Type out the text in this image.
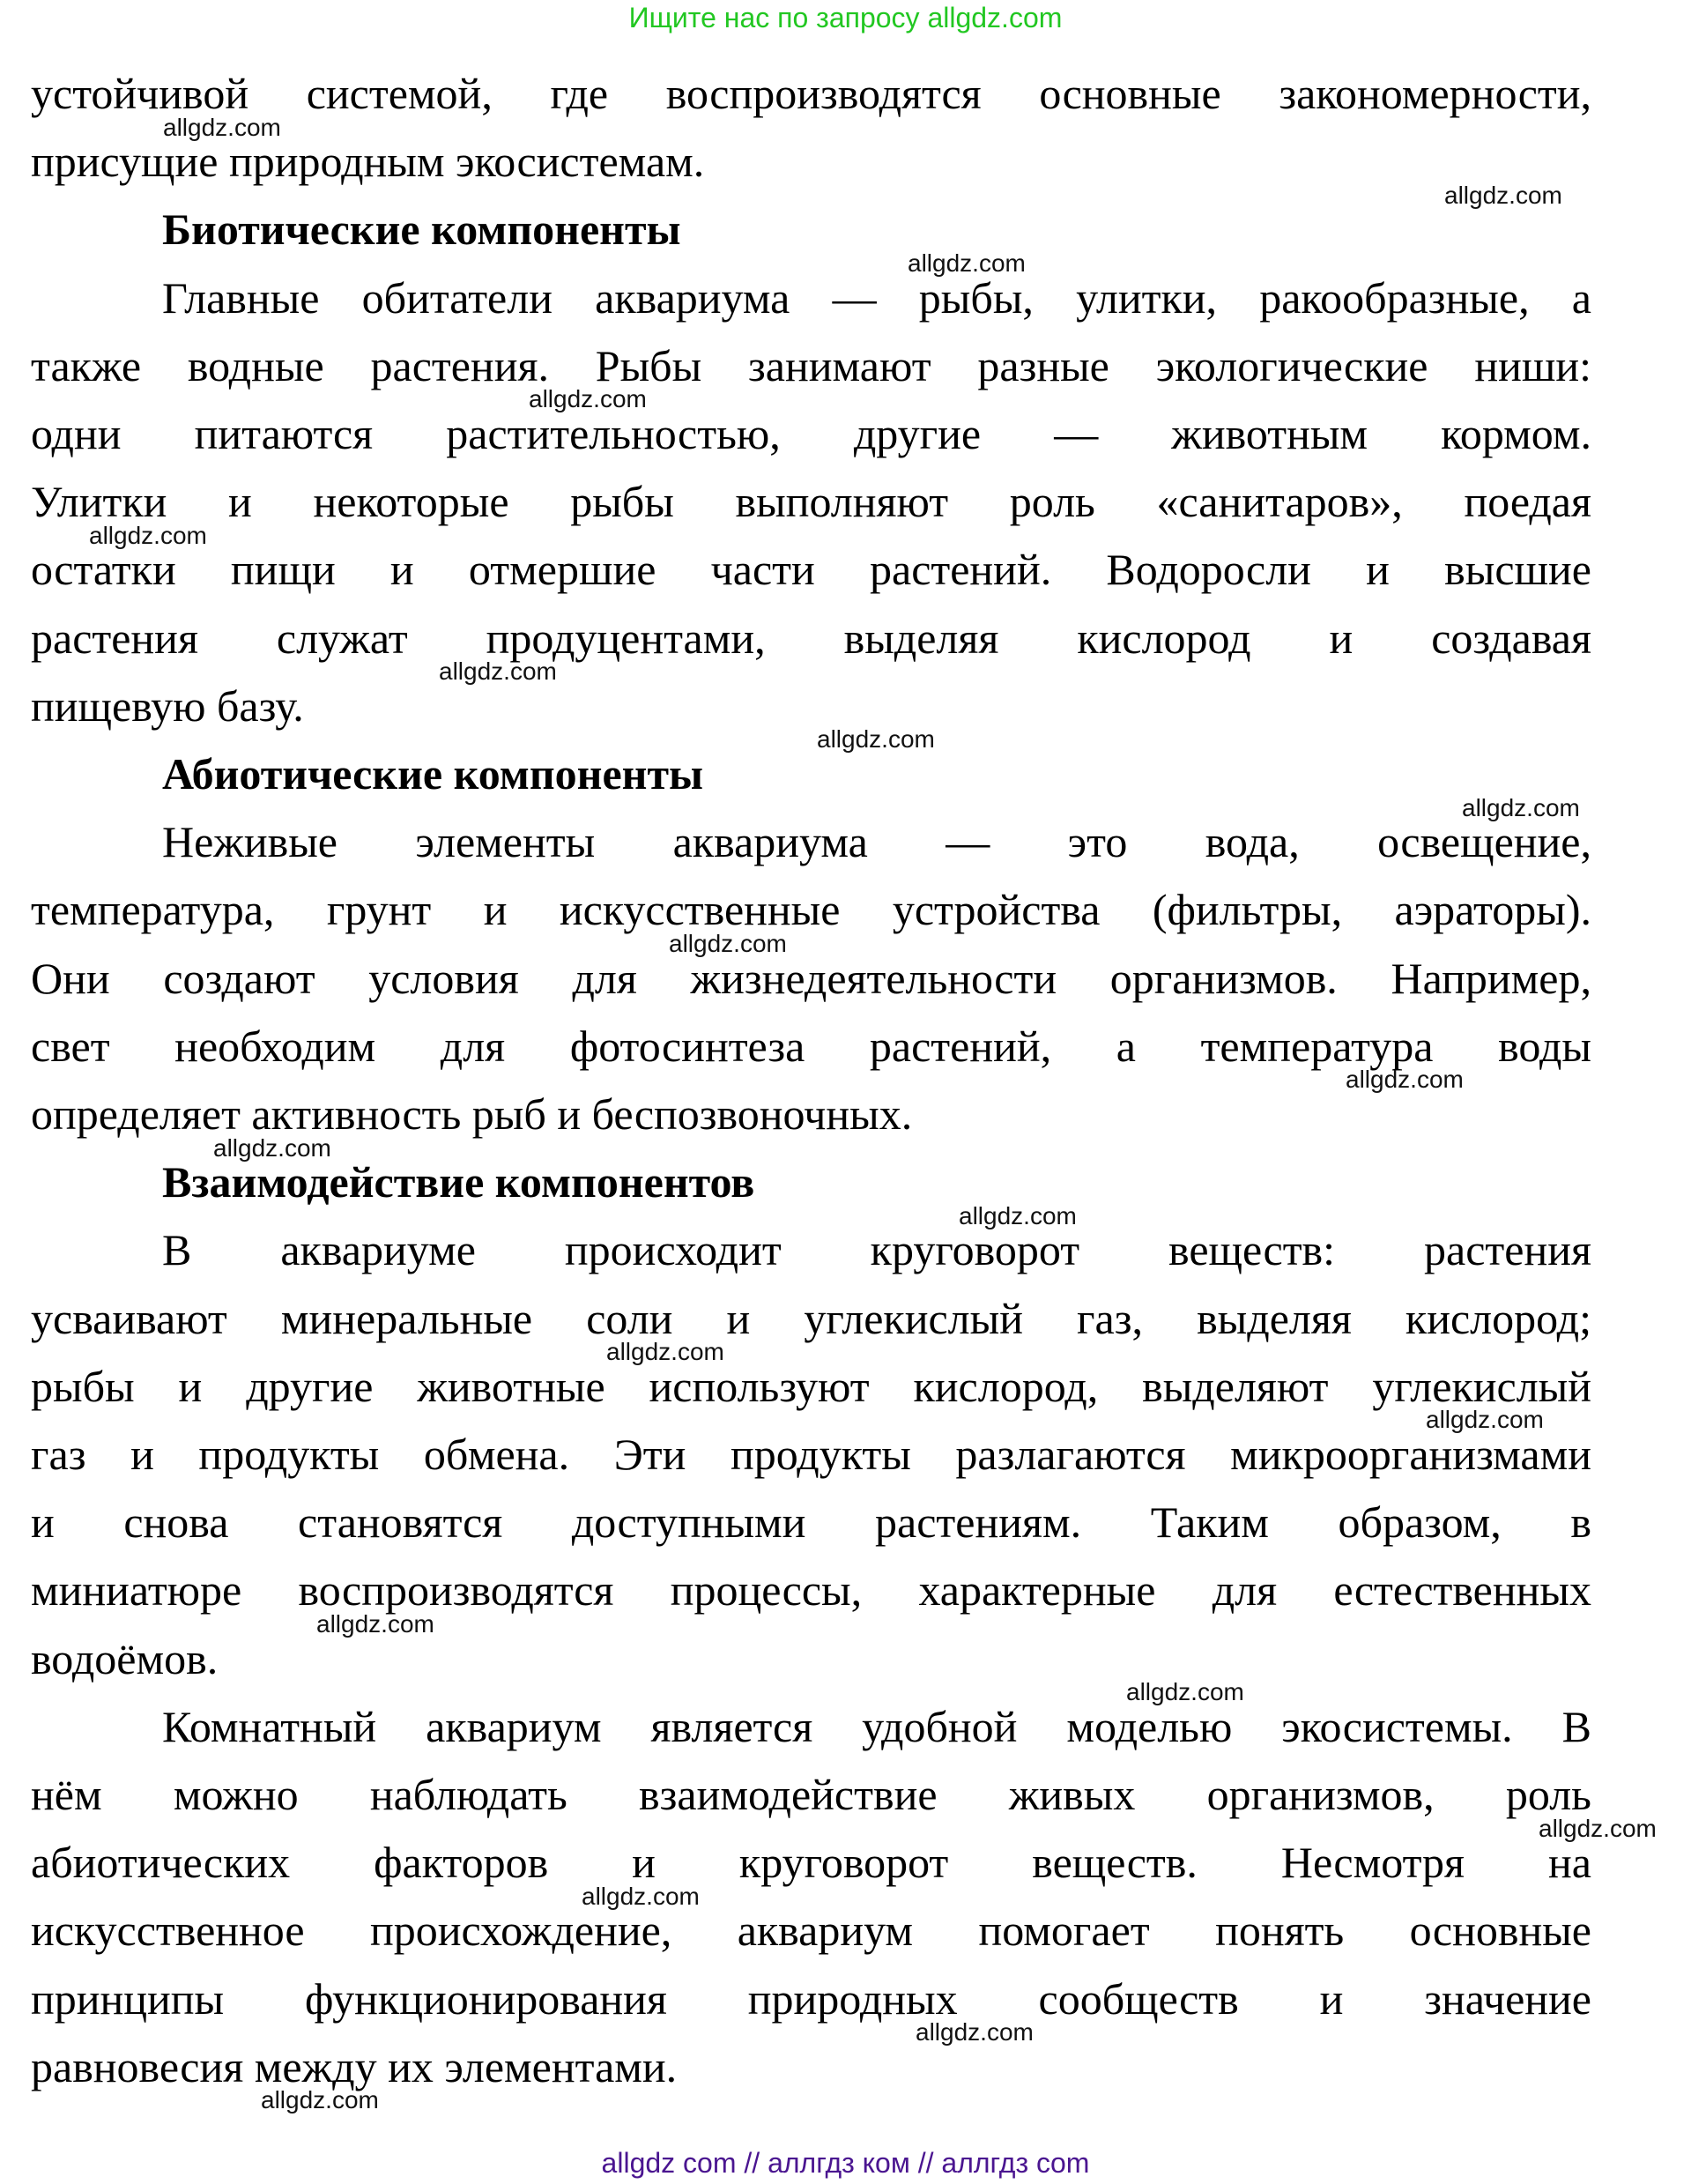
Ищите нас по запросу allgdz.com
устойчивой системой, где воспроизводятся основные закономерности,
присущие природным экосистемам.
Биотические компоненты
Главные обитатели аквариума — рыбы, улитки, ракообразные, а
также водные растения. Рыбы занимают разные экологические ниши:
одни питаются растительностью, другие — животным кормом.
Улитки и некоторые рыбы выполняют роль «санитаров», поедая
остатки пищи и отмершие части растений. Водоросли и высшие
растения служат продуцентами, выделяя кислород и создавая
пищевую базу.
Абиотические компоненты
Неживые элементы аквариума — это вода, освещение,
температура, грунт и искусственные устройства (фильтры, аэраторы).
Они создают условия для жизнедеятельности организмов. Например,
свет необходим для фотосинтеза растений, а температура воды
определяет активность рыб и беспозвоночных.
Взаимодействие компонентов
В аквариуме происходит круговорот веществ: растения
усваивают минеральные соли и углекислый газ, выделяя кислород;
рыбы и другие животные используют кислород, выделяют углекислый
газ и продукты обмена. Эти продукты разлагаются микроорганизмами
и снова становятся доступными растениям. Таким образом, в
миниатюре воспроизводятся процессы, характерные для естественных
водоёмов.
Комнатный аквариум является удобной моделью экосистемы. В
нём можно наблюдать взаимодействие живых организмов, роль
абиотических факторов и круговорот веществ. Несмотря на
искусственное происхождение, аквариум помогает понять основные
принципы функционирования природных сообществ и значение
равновесия между их элементами.
allgdz.com
allgdz.com
allgdz.com
allgdz.com
allgdz.com
allgdz.com
allgdz.com
allgdz.com
allgdz.com
allgdz.com
allgdz.com
allgdz.com
allgdz.com
allgdz.com
allgdz.com
allgdz.com
allgdz.com
allgdz.com
allgdz.com
allgdz.com
allgdz com // аллгдз ком // аллгдз com
